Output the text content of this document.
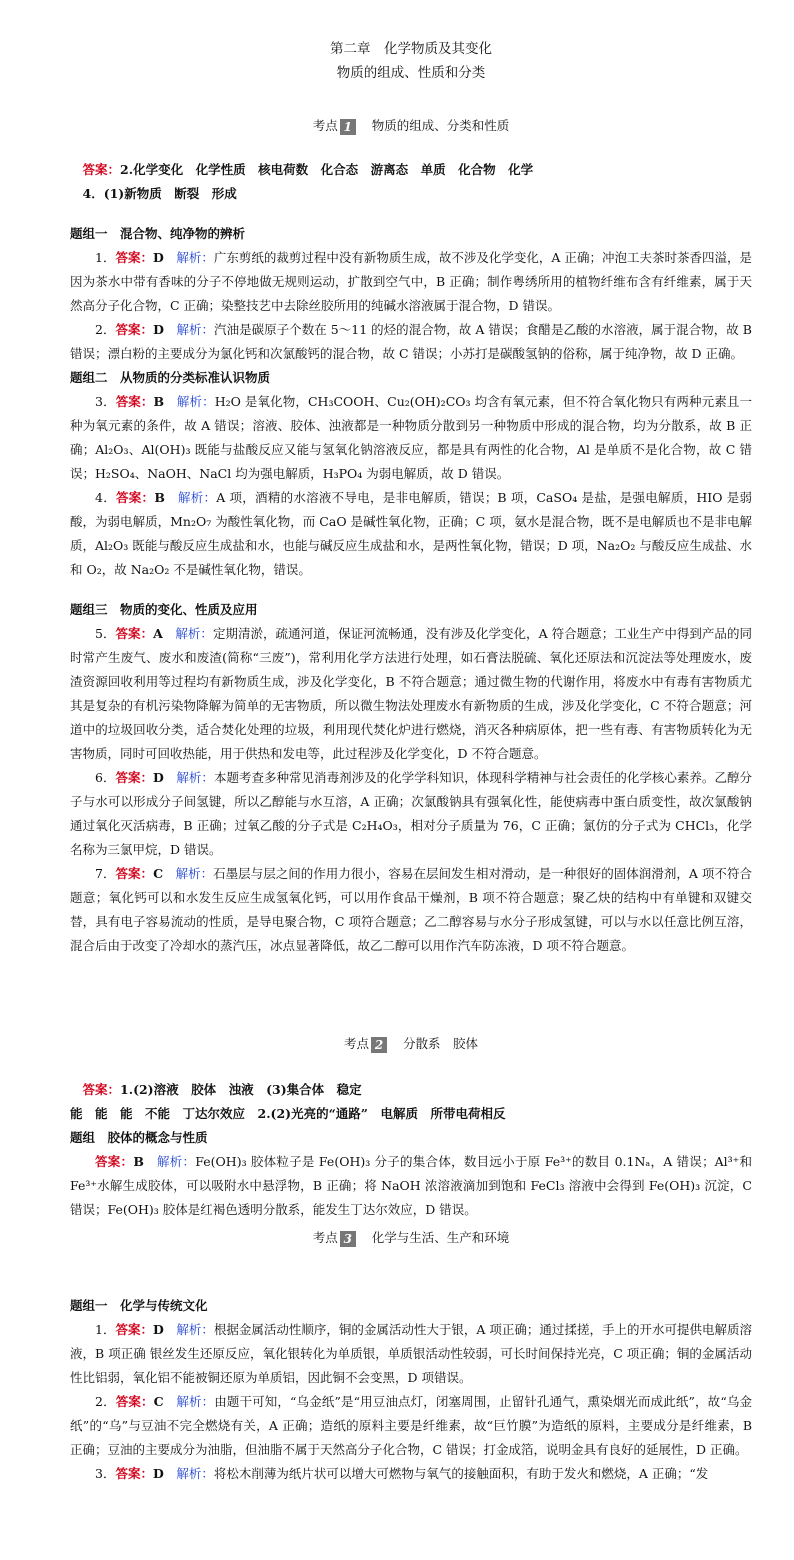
第二章　化学物质及其变化
物质的组成、性质和分类
考点 1 物质的组成、分类和性质

答案：2.化学变化　化学性质　核电荷数　化合态　游离态　单质　化合物　化学

4．(1)新物质　断裂　形成

题组一　混合物、纯净物的辨析

1．答案：D　 解析：广东剪纸的裁剪过程中没有新物质生成，故不涉及化学变化，A 正确；冲泡工夫茶时茶香四溢，是因为茶水中带有香味的分子不停地做无规则运动，扩散到空气中，B 正确；制作粤绣所用的植物纤维布含有纤维素，属于天然高分子化合物，C 正确；染整技艺中去除丝胶所用的纯碱水溶液属于混合物，D 错误。

2．答案：D　 解析：汽油是碳原子个数在 5～11 的烃的混合物，故 A 错误；食醋是乙酸的水溶液，属于混合物，故 B 错误；漂白粉的主要成分为氯化钙和次氯酸钙的混合物，故 C 错误；小苏打是碳酸氢钠的俗称，属于纯净物，故 D 正确。

题组二　从物质的分类标准认识物质

3．答案：B　 解析：H₂O 是氧化物，CH₃COOH、Cu₂(OH)₂CO₃ 均含有氧元素，但不符合氧化物只有两种元素且一种为氧元素的条件，故 A 错误；溶液、胶体、浊液都是一种物质分散到另一种物质中形成的混合物，均为分散系，故 B 正确；Al₂O₃、Al(OH)₃ 既能与盐酸反应又能与氢氧化钠溶液反应，都是具有两性的化合物，Al 是单质不是化合物，故 C 错误；H₂SO₄、NaOH、NaCl 均为强电解质，H₃PO₄ 为弱电解质，故 D 错误。

4．答案：B　 解析：A 项，酒精的水溶液不导电，是非电解质，错误；B 项，CaSO₄ 是盐，是强电解质，HIO 是弱酸，为弱电解质，Mn₂O₇ 为酸性氧化物，而 CaO 是碱性氧化物，正确；C 项，氨水是混合物，既不是电解质也不是非电解质，Al₂O₃ 既能与酸反应生成盐和水，也能与碱反应生成盐和水，是两性氧化物，错误；D 项，Na₂O₂ 与酸反应生成盐、水和 O₂，故 Na₂O₂ 不是碱性氧化物，错误。

题组三　物质的变化、性质及应用

5．答案：A　 解析：定期清淤，疏通河道，保证河流畅通，没有涉及化学变化，A 符合题意；工业生产中得到产品的同时常产生废气、废水和废渣(简称“三废”)，常利用化学方法进行处理，如石膏法脱硫、氧化还原法和沉淀法等处理废水，废渣资源回收利用等过程均有新物质生成，涉及化学变化，B 不符合题意；通过微生物的代谢作用，将废水中有毒有害物质尤其是复杂的有机污染物降解为简单的无害物质，所以微生物法处理废水有新物质的生成，涉及化学变化，C 不符合题意；河道中的垃圾回收分类，适合焚化处理的垃圾，利用现代焚化炉进行燃烧，消灭各种病原体，把一些有毒、有害物质转化为无害物质，同时可回收热能，用于供热和发电等，此过程涉及化学变化，D 不符合题意。

6．答案：D　 解析：本题考查多种常见消毒剂涉及的化学学科知识，体现科学精神与社会责任的化学核心素养。乙醇分子与水可以形成分子间氢键，所以乙醇能与水互溶，A 正确；次氯酸钠具有强氧化性，能使病毒中蛋白质变性，故次氯酸钠通过氧化灭活病毒，B 正确；过氧乙酸的分子式是 C₂H₄O₃，相对分子质量为 76，C 正确；氯仿的分子式为 CHCl₃，化学名称为三氯甲烷，D 错误。

7．答案：C　 解析：石墨层与层之间的作用力很小，容易在层间发生相对滑动，是一种很好的固体润滑剂，A 项不符合题意；氧化钙可以和水发生反应生成氢氧化钙，可以用作食品干燥剂，B 项不符合题意；聚乙炔的结构中有单键和双键交替，具有电子容易流动的性质，是导电聚合物，C 项符合题意；乙二醇容易与水分子形成氢键，可以与水以任意比例互溶，混合后由于改变了冷却水的蒸汽压，冰点显著降低，故乙二醇可以用作汽车防冻液，D 项不符合题意。

考点 2 分散系　胶体

答案：1.(2)溶液　胶体　浊液　(3)集合体　稳定

能　能　能　不能　丁达尔效应　2.(2)光亮的“通路”　电解质　所带电荷相反

题组　胶体的概念与性质

答案：B　 解析：Fe(OH)₃ 胶体粒子是 Fe(OH)₃ 分子的集合体，数目远小于原 Fe³⁺的数目 0.1Nₐ，A 错误；Al³⁺和 Fe³⁺水解生成胶体，可以吸附水中悬浮物，B 正确；将 NaOH 浓溶液滴加到饱和 FeCl₃ 溶液中会得到 Fe(OH)₃ 沉淀，C 错误；Fe(OH)₃ 胶体是红褐色透明分散系，能发生丁达尔效应，D 错误。

考点 3 化学与生活、生产和环境

题组一　化学与传统文化

1．答案：D　 解析：根据金属活动性顺序，铜的金属活动性大于银，A 项正确；通过揉搓，手上的开水可提供电解质溶液，B 项正确 银丝发生还原反应，氧化银转化为单质银，单质银活动性较弱，可长时间保持光亮，C 项正确；铜的金属活动性比铝弱，氧化铝不能被铜还原为单质铝，因此铜不会变黑，D 项错误。

2．答案：C　 解析：由题干可知，“乌金纸”是“用豆油点灯，闭塞周围，止留针孔通气，熏染烟光而成此纸”，故“乌金纸”的“乌”与豆油不完全燃烧有关，A 正确；造纸的原料主要是纤维素，故“巨竹膜”为造纸的原料，主要成分是纤维素，B 正确；豆油的主要成分为油脂，但油脂不属于天然高分子化合物，C 错误；打金成箔，说明金具有良好的延展性，D 正确。

3．答案：D　 解析：将松木削薄为纸片状可以增大可燃物与氧气的接触面积，有助于发火和燃烧，A 正确；“发
